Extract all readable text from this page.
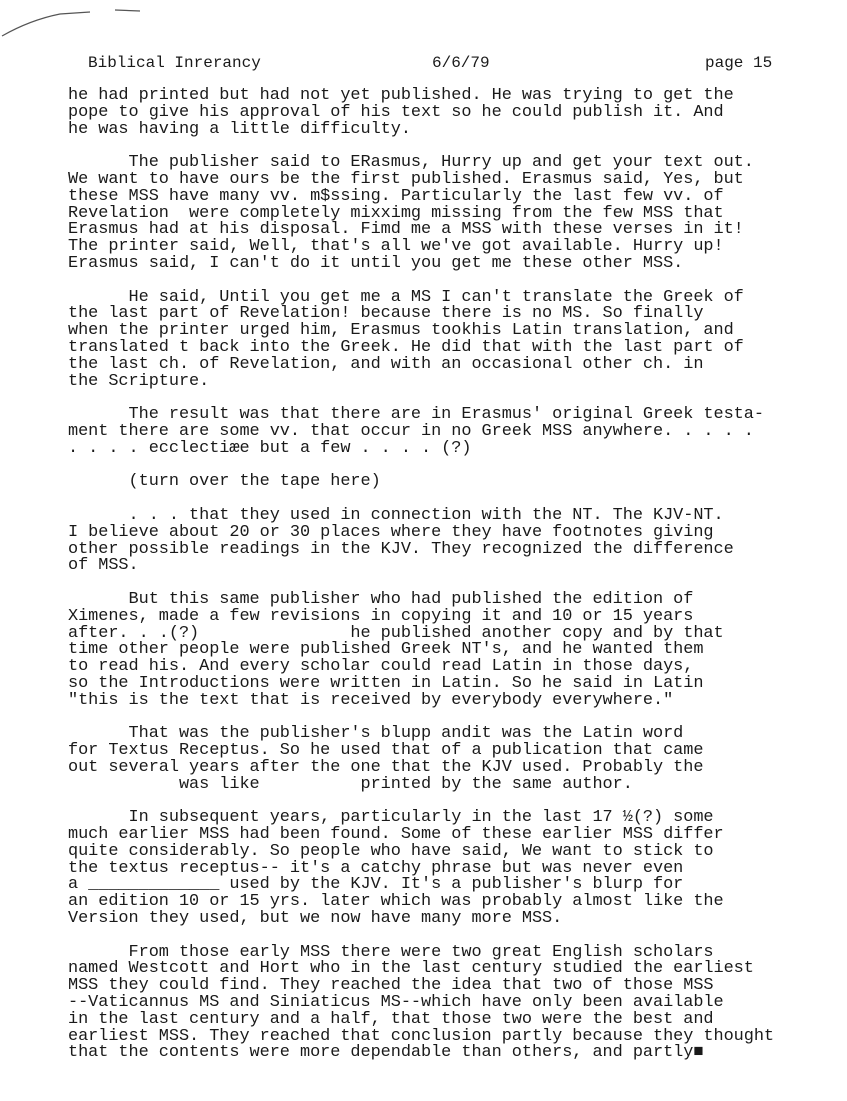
Biblical Inrerancy	6/6/79	page 15
he had printed but had not yet published. He was trying to get the
pope to give his approval of his text so he could publish it. And
he was having a little difficulty.
The publisher said to ERasmus, Hurry up and get your text out.
We want to have ours be the first published. Erasmus said, Yes, but
these MSS have many vv. m$ssing. Particularly the last few vv. of
Revelation  were completely mixximg missing from the few MSS that
Erasmus had at his disposal. Fimd me a MSS with these verses in it!
The printer said, Well, that's all we've got available. Hurry up!
Erasmus said, I can't do it until you get me these other MSS.
He said, Until you get me a MS I can't translate the Greek of
the last part of Revelation! because there is no MS. So finally
when the printer urged him, Erasmus tookhis Latin translation, and
translated t back into the Greek. He did that with the last part of
the last ch. of Revelation, and with an occasional other ch. in
the Scripture.
The result was that there are in Erasmus' original Greek testa-
ment there are some vv. that occur in no Greek MSS anywhere. . . . .
. . . . ecclectiæe but a few . . . . (?)
(turn over the tape here)
. . . that they used in connection with the NT. The KJV-NT.
I believe about 20 or 30 places where they have footnotes giving
other possible readings in the KJV. They recognized the difference
of MSS.
But this same publisher who had published the edition of
Ximenes, made a few revisions in copying it and 10 or 15 years
after. . .(?)               he published another copy and by that
time other people were published Greek NT's, and he wanted them
to read his. And every scholar could read Latin in those days,
so the Introductions were written in Latin. So he said in Latin
"this is the text that is received by everybody everywhere."
That was the publisher's blupp andit was the Latin word
for Textus Receptus. So he used that of a publication that came
out several years after the one that the KJV used. Probably the
was like          printed by the same author.
In subsequent years, particularly in the last 17 ½(?) some
much earlier MSS had been found. Some of these earlier MSS differ
quite considerably. So people who have said, We want to stick to
the textus receptus-- it's a catchy phrase but was never even
a _____________ used by the KJV. It's a publisher's blurp for
an edition 10 or 15 yrs. later which was probably almost like the
Version they used, but we now have many more MSS.
From those early MSS there were two great English scholars
named Westcott and Hort who in the last century studied the earliest
MSS they could find. They reached the idea that two of those MSS
--Vaticannus MS and Siniaticus MS--which have only been available
in the last century and a half, that those two were the best and
earliest MSS. They reached that conclusion partly because they thought
that the contents were more dependable than others, and partly■
